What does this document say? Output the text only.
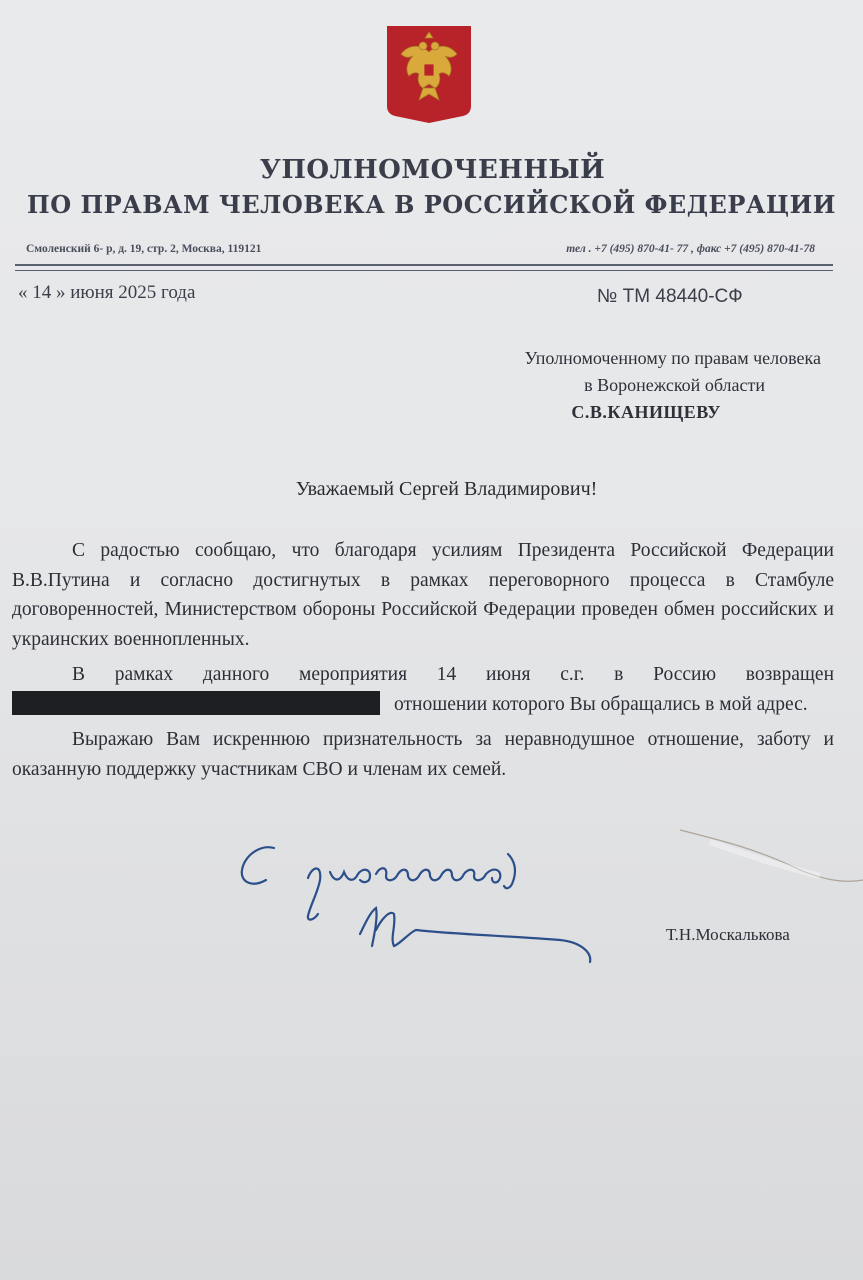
УПОЛНОМОЧЕННЫЙ
ПО ПРАВАМ ЧЕЛОВЕКА В РОССИЙСКОЙ ФЕДЕРАЦИИ
Смоленский 6- р, д. 19, стр. 2, Москва, 119121	тел . +7 (495) 870-41- 77 , факс +7 (495) 870-41-78
« 14 » июня 2025 года	№ ТМ 48440-СФ
Уполномоченному по правам человека
в Воронежской области
С.В.КАНИЩЕВУ
Уважаемый Сергей Владимирович!

С радостью сообщаю, что благодаря усилиям Президента Российской Федерации В.В.Путина и согласно достигнутых в рамках переговорного процесса в Стамбуле договоренностей, Министерством обороны Российской Федерации проведен обмен российских и украинских военнопленных.

В рамках данного мероприятия 14 июня с.г. в Россию возвращен отношении которого Вы обращались в мой адрес.

Выражаю Вам искреннюю признательность за неравнодушное отношение, заботу и оказанную поддержку участникам СВО и членам их семей.

Т.Н.Москалькова
